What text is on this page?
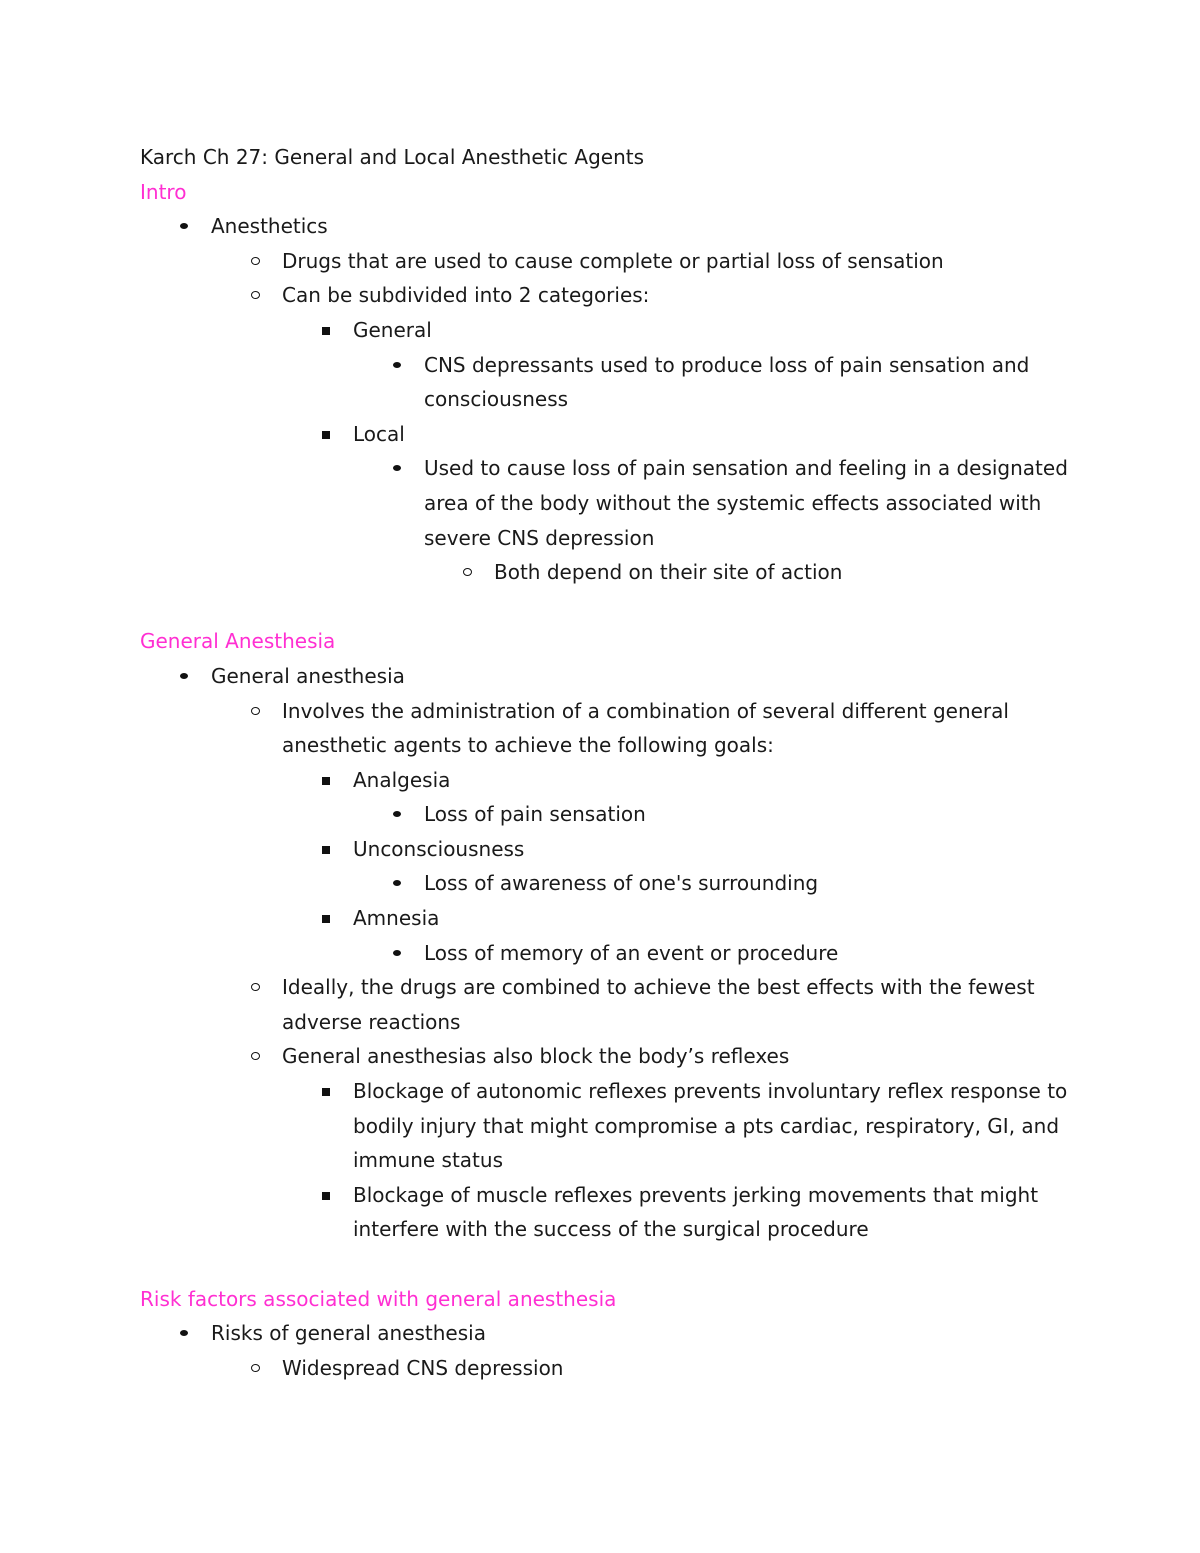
Karch Ch 27: General and Local Anesthetic Agents
Intro
Anesthetics
Drugs that are used to cause complete or partial loss of sensation
Can be subdivided into 2 categories:
General
CNS depressants used to produce loss of pain sensation and consciousness
Local
Used to cause loss of pain sensation and feeling in a designated area of the body without the systemic effects associated with severe CNS depression
Both depend on their site of action
General Anesthesia
General anesthesia
Involves the administration of a combination of several different general anesthetic agents to achieve the following goals:
Analgesia
Loss of pain sensation
Unconsciousness
Loss of awareness of one's surrounding
Amnesia
Loss of memory of an event or procedure
Ideally, the drugs are combined to achieve the best effects with the fewest adverse reactions
General anesthesias also block the body’s reflexes
Blockage of autonomic reflexes prevents involuntary reflex response to bodily injury that might compromise a pts cardiac, respiratory, GI, and immune status
Blockage of muscle reflexes prevents jerking movements that might interfere with the success of the surgical procedure
Risk factors associated with general anesthesia
Risks of general anesthesia
Widespread CNS depression
